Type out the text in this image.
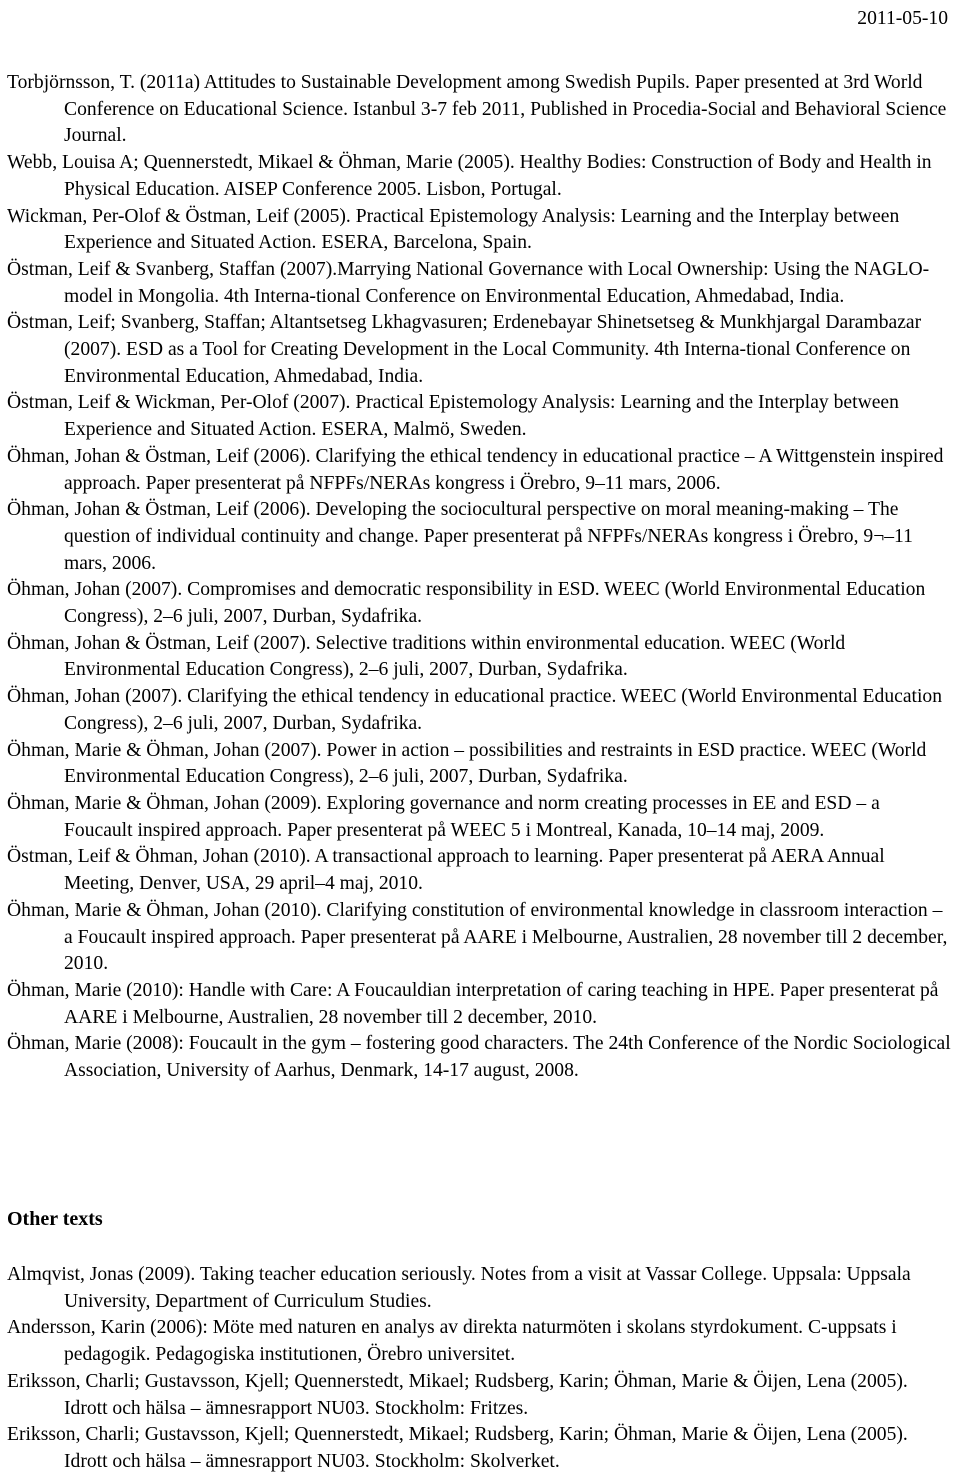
2011-05-10

Torbjörnsson, T. (2011a) Attitudes to Sustainable Development among Swedish Pupils. Paper presented at 3rd World Conference on Educational Science. Istanbul 3-7 feb 2011, Published in Procedia-Social and Behavioral Science Journal.

Webb, Louisa A; Quennerstedt, Mikael & Öhman, Marie (2005). Healthy Bodies: Construction of Body and Health in Physical Education. AISEP Conference 2005. Lisbon, Portugal.

Wickman, Per-Olof & Östman, Leif (2005). Practical Epistemology Analysis: Learning and the Interplay between Experience and Situated Action. ESERA, Barcelona, Spain.

Östman, Leif & Svanberg, Staffan (2007).Marrying National Governance with Local Ownership: Using the NAGLO-model in Mongolia. 4th Interna-tional Conference on Environmental Education, Ahmedabad, India.

Östman, Leif; Svanberg, Staffan; Altantsetseg Lkhagvasuren; Erdenebayar Shinetsetseg & Munkhjargal Darambazar (2007). ESD as a Tool for Creating Development in the Local Community. 4th Interna-tional Conference on Environmental Education, Ahmedabad, India.

Östman, Leif & Wickman, Per-Olof (2007). Practical Epistemology Analysis: Learning and the Interplay between Experience and Situated Action. ESERA, Malmö, Sweden.

Öhman, Johan & Östman, Leif (2006). Clarifying the ethical tendency in educational practice – A Wittgenstein inspired approach. Paper presenterat på NFPFs/NERAs kongress i Örebro, 9–11 mars, 2006.

Öhman, Johan & Östman, Leif (2006). Developing the sociocultural perspective on moral meaning-making – The question of individual continuity and change. Paper presenterat på NFPFs/NERAs kongress i Örebro, 9¬–11 mars, 2006.

Öhman, Johan (2007). Compromises and democratic responsibility in ESD. WEEC (World Environmental Education Congress), 2–6 juli, 2007, Durban, Sydafrika.

Öhman, Johan & Östman, Leif (2007). Selective traditions within environmental education. WEEC (World Environmental Education Congress), 2–6 juli, 2007, Durban, Sydafrika.

Öhman, Johan (2007). Clarifying the ethical tendency in educational practice. WEEC (World Environmental Education Congress), 2–6 juli, 2007, Durban, Sydafrika.

Öhman, Marie & Öhman, Johan (2007). Power in action – possibilities and restraints in ESD practice. WEEC (World Environmental Education Congress), 2–6 juli, 2007, Durban, Sydafrika.

Öhman, Marie & Öhman, Johan (2009). Exploring governance and norm creating processes in EE and ESD – a Foucault inspired approach. Paper presenterat på WEEC 5 i Montreal, Kanada, 10–14 maj, 2009.

Östman, Leif & Öhman, Johan (2010). A transactional approach to learning. Paper presenterat på AERA Annual Meeting, Denver, USA, 29 april–4 maj, 2010.

Öhman, Marie & Öhman, Johan (2010). Clarifying constitution of environmental knowledge in classroom interaction – a Foucault inspired approach. Paper presenterat på AARE i Melbourne, Australien, 28 november till 2 december, 2010.

Öhman, Marie (2010): Handle with Care: A Foucauldian interpretation of caring teaching in HPE. Paper presenterat på AARE i Melbourne, Australien, 28 november till 2 december, 2010.

Öhman, Marie (2008): Foucault in the gym – fostering good characters. The 24th Conference of the Nordic Sociological Association, University of Aarhus, Denmark, 14-17 august, 2008.

Other texts

Almqvist, Jonas (2009). Taking teacher education seriously. Notes from a visit at Vassar College. Uppsala: Uppsala University, Department of Curriculum Studies.

Andersson, Karin (2006): Möte med naturen en analys av direkta naturmöten i skolans styrdokument. C-uppsats i pedagogik. Pedagogiska institutionen, Örebro universitet.

Eriksson, Charli; Gustavsson, Kjell; Quennerstedt, Mikael; Rudsberg, Karin; Öhman, Marie & Öijen, Lena (2005). Idrott och hälsa – ämnesrapport NU03. Stockholm: Fritzes.

Eriksson, Charli; Gustavsson, Kjell; Quennerstedt, Mikael; Rudsberg, Karin; Öhman, Marie & Öijen, Lena (2005). Idrott och hälsa – ämnesrapport NU03. Stockholm: Skolverket.
